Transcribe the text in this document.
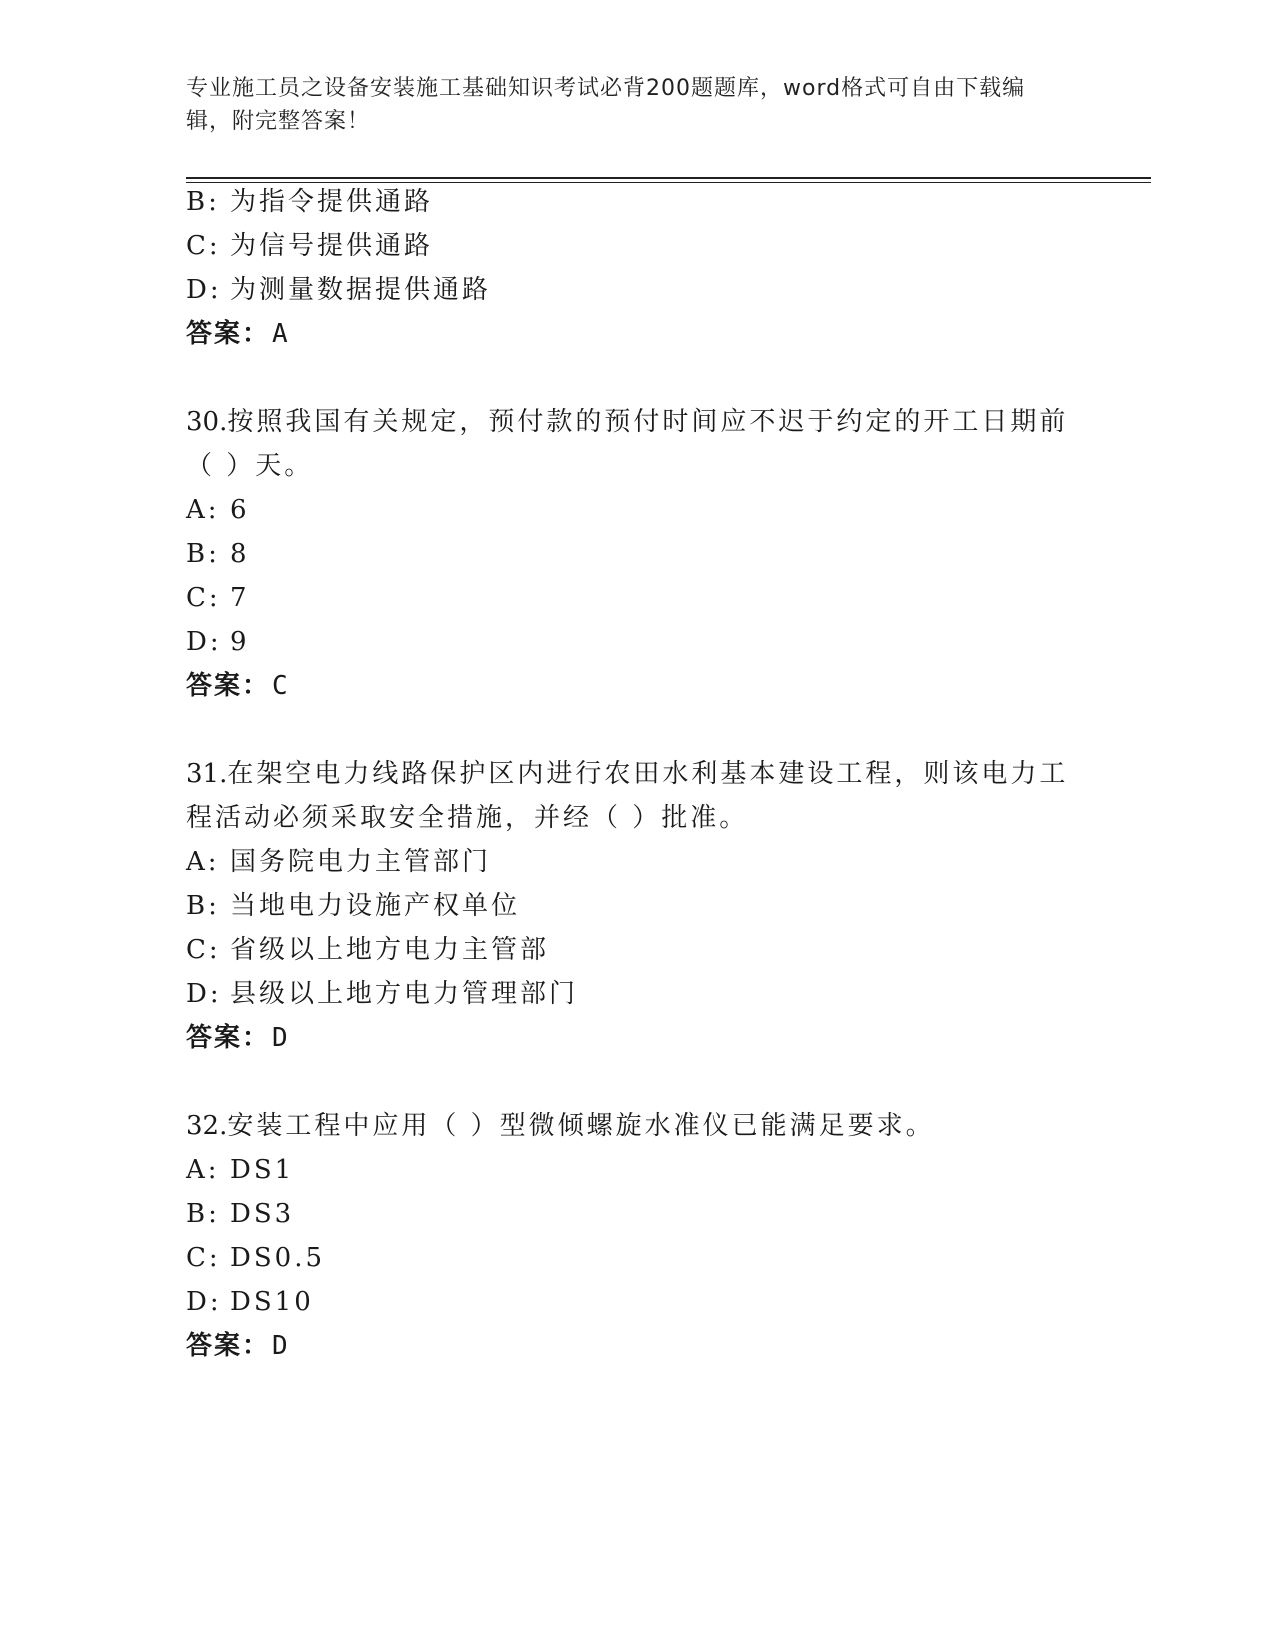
专业施工员之设备安装施工基础知识考试必背200题题库，word格式可自由下载编辑，附完整答案！
B: 为指令提供通路
C: 为信号提供通路
D: 为测量数据提供通路
答案：A
30.按照我国有关规定，预付款的预付时间应不迟于约定的开工日期前
（ ）天。
A: 6
B: 8
C: 7
D: 9
答案：C
31.在架空电力线路保护区内进行农田水利基本建设工程，则该电力工
程活动必须采取安全措施，并经（ ）批准。
A: 国务院电力主管部门
B: 当地电力设施产权单位
C: 省级以上地方电力主管部
D: 县级以上地方电力管理部门
答案：D
32.安装工程中应用（ ）型微倾螺旋水准仪已能满足要求。
A: DS1
B: DS3
C: DS0.5
D: DS10
答案：D
